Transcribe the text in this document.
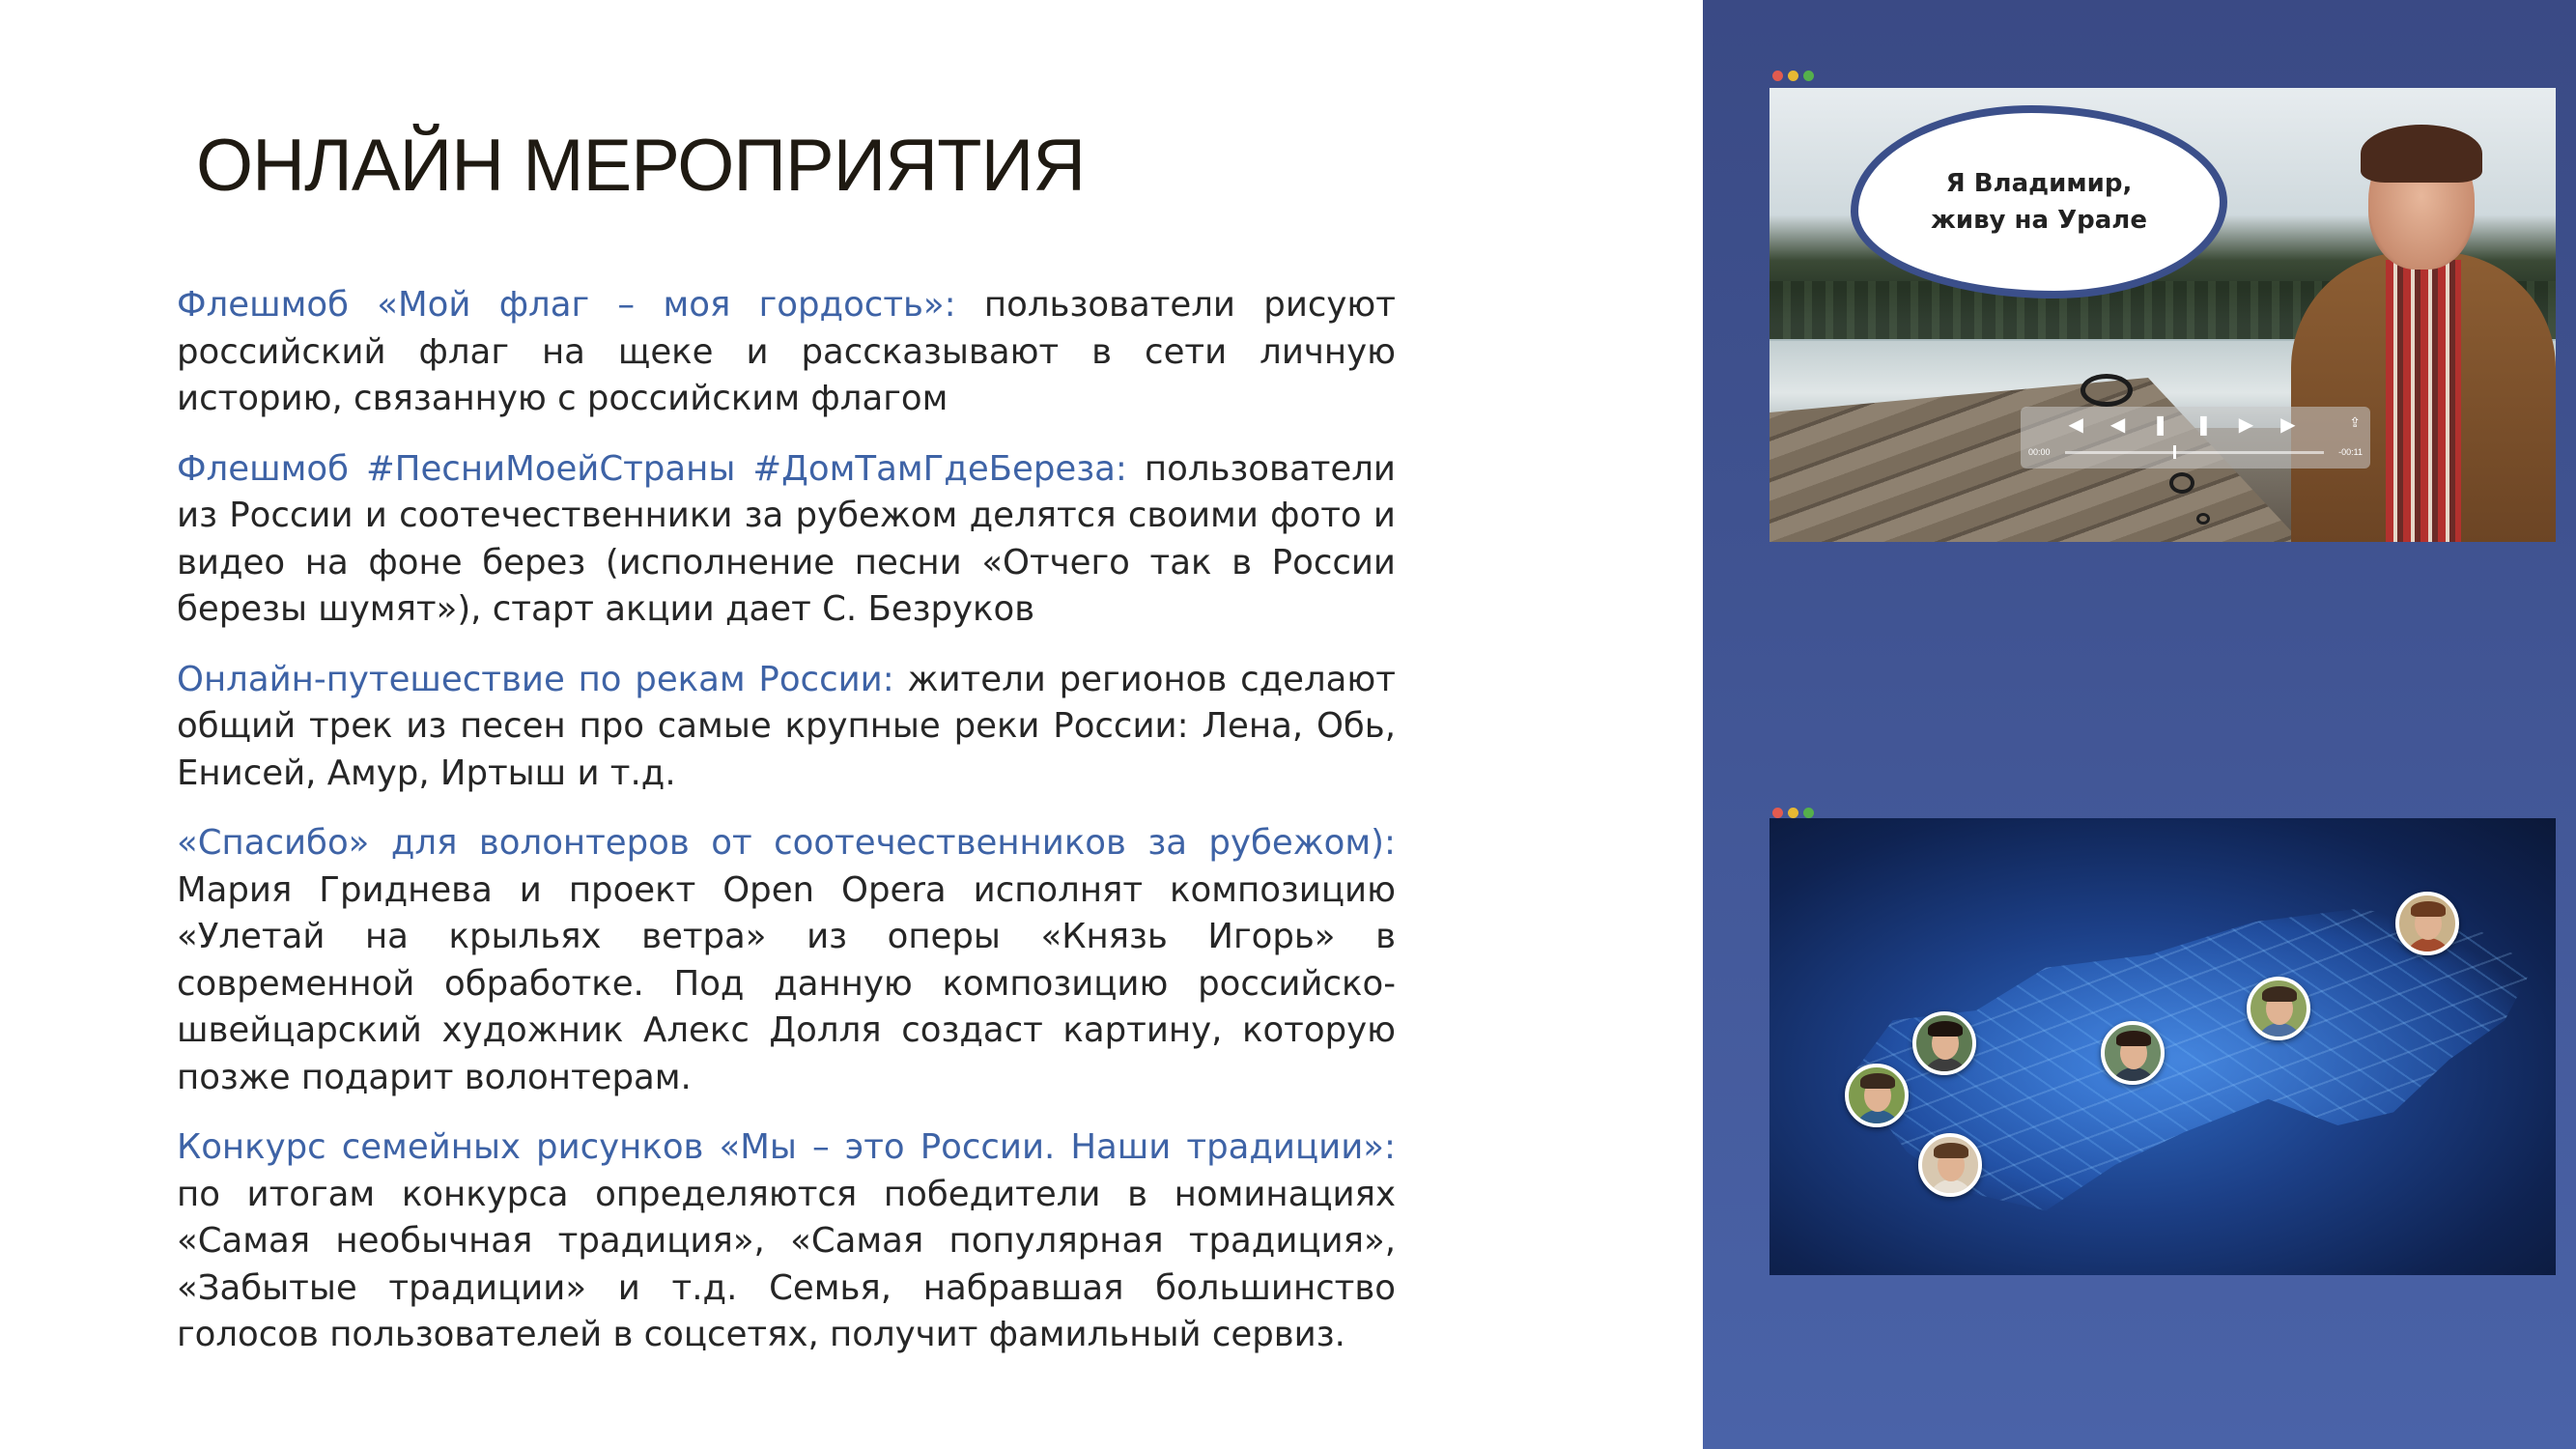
ОНЛАЙН МЕРОПРИЯТИЯ

Флешмоб «Мой флаг – моя гордость»: пользователи рисуют российский флаг на щеке и рассказывают в сети личную историю, связанную с российским флагом

Флешмоб #ПесниМоейСтраны #ДомТамГдеБереза: пользователи из России и соотечественники за рубежом делятся своими фото и видео на фоне берез (исполнение песни «Отчего так в России березы шумят»), старт акции дает С. Безруков

Онлайн-путешествие по рекам России: жители регионов сделают общий трек из песен про самые крупные реки России: Лена, Обь, Енисей, Амур, Иртыш и т.д.

«Спасибо» для волонтеров от соотечественников за рубежом): Мария Гриднева и проект Open Opera исполнят композицию «Улетай на крыльях ветра» из оперы «Князь Игорь» в современной обработке. Под данную композицию российско-швейцарский художник Алекс Долля создаст картину, которую позже подарит волонтерам.

Конкурс семейных рисунков «Мы – это России. Наши традиции»: по итогам конкурса определяются победители в номинациях «Самая необычная традиция», «Самая популярная традиция», «Забытые традиции» и т.д. Семья, набравшая большинство голосов пользователей в соцсетях, получит фамильный сервиз.

Я Владимир,
живу на Урале
◀◀❚❚▶▶	⇪
00:00	-00:11
